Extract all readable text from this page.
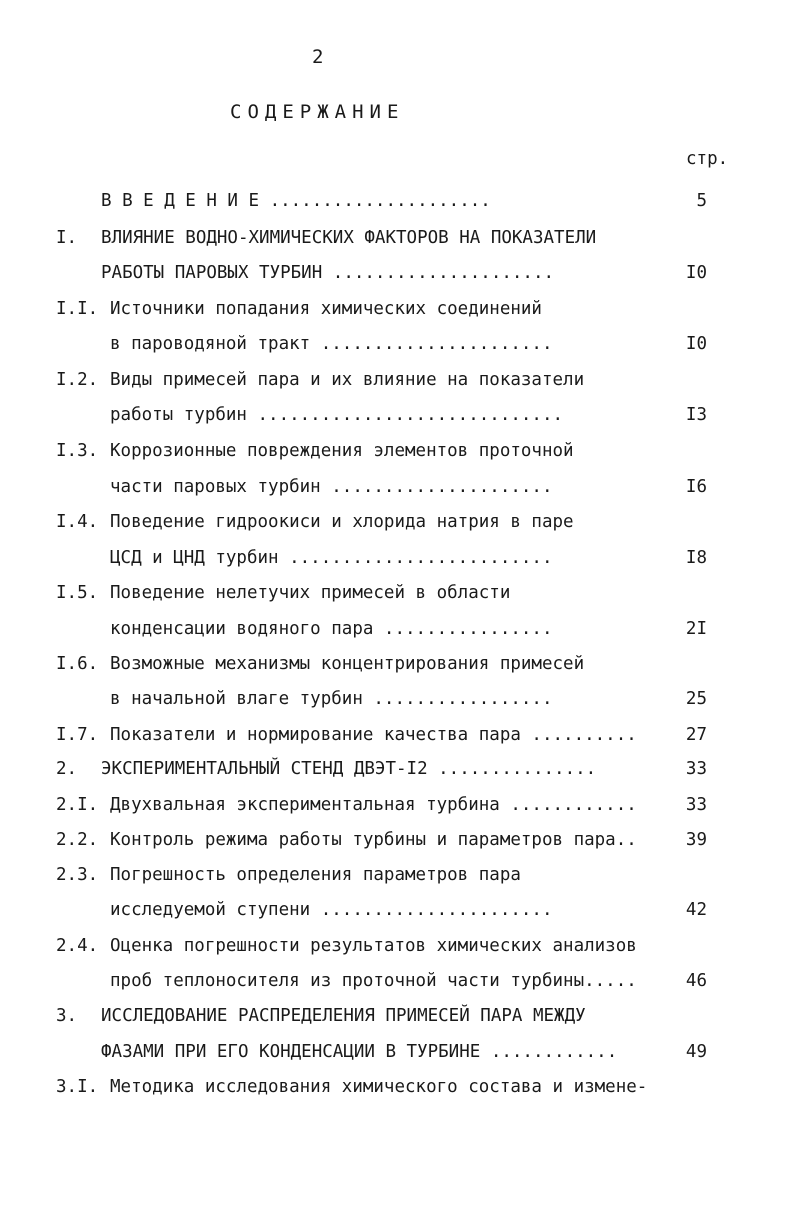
2
СОДЕРЖАНИЕ
стр.
В В Е Д Е Н И Е .....................	5
I. ВЛИЯНИЕ ВОДНО-ХИМИЧЕСКИХ ФАКТОРОВ НА ПОКАЗАТЕЛИ
РАБОТЫ ПАРОВЫХ ТУРБИН .....................	I0
I.I. Источники попадания химических соединений
в пароводяной тракт ......................	I0
I.2. Виды примесей пара и их влияние на показатели
работы турбин .............................	I3
I.3. Коррозионные повреждения элементов проточной
части паровых турбин .....................	I6
I.4. Поведение гидроокиси и хлорида натрия в паре
ЦСД и ЦНД турбин .........................	I8
I.5. Поведение нелетучих примесей в области
конденсации водяного пара ................	2I
I.6. Возможные механизмы концентрирования примесей
в начальной влаге турбин .................	25
I.7. Показатели и нормирование качества пара ..........	27
2. ЭКСПЕРИМЕНТАЛЬНЫЙ СТЕНД ДВЭТ-I2 ...............	33
2.I. Двухвальная экспериментальная турбина ............	33
2.2. Контроль режима работы турбины и параметров пара..	39
2.3. Погрешность определения параметров пара
исследуемой ступени ......................	42
2.4. Оценка погрешности результатов химических анализов
проб теплоносителя из проточной части турбины.....	46
3. ИССЛЕДОВАНИЕ РАСПРЕДЕЛЕНИЯ ПРИМЕСЕЙ ПАРА МЕЖДУ
ФАЗАМИ ПРИ ЕГО КОНДЕНСАЦИИ В ТУРБИНЕ ............	49
3.I. Методика исследования химического состава и измене-
